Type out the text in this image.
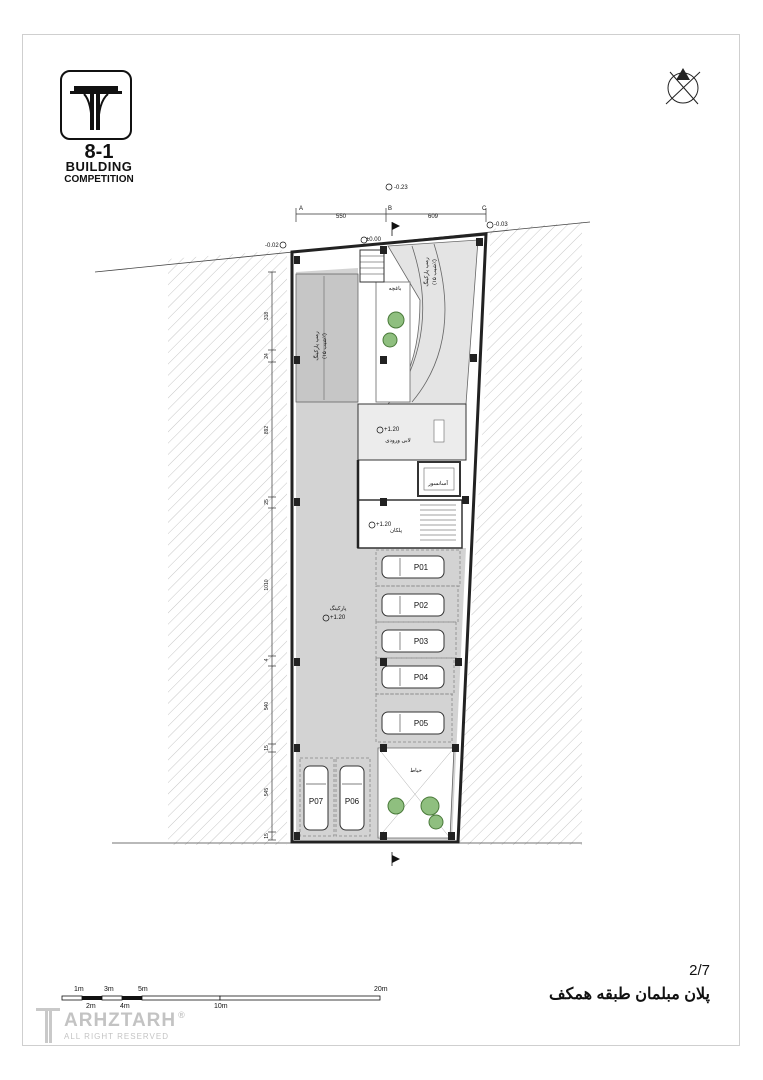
8-1
BUILDING
COMPETITION
P01
P02
P03
P04
P05
P06
P07
A	B	C
550	609
-0.23
-0.03
-0.02
±0.00
+1.20
+1.20
+1.20
318
24
892
25
1010
4
540
15
545
15
رمپ پارکینگ (شیب ۱۵٪)
رمپ پارکینگ (شیب ۱۵٪)
باغچه
لابی ورودی
آسانسور
پلکان
پارکینگ
حیاط
1m
2m
3m
4m
5m
10m
20m
2/7
پلان مبلمان طبقه همکف
ARHZTARH ®
ALL RIGHT RESERVED
